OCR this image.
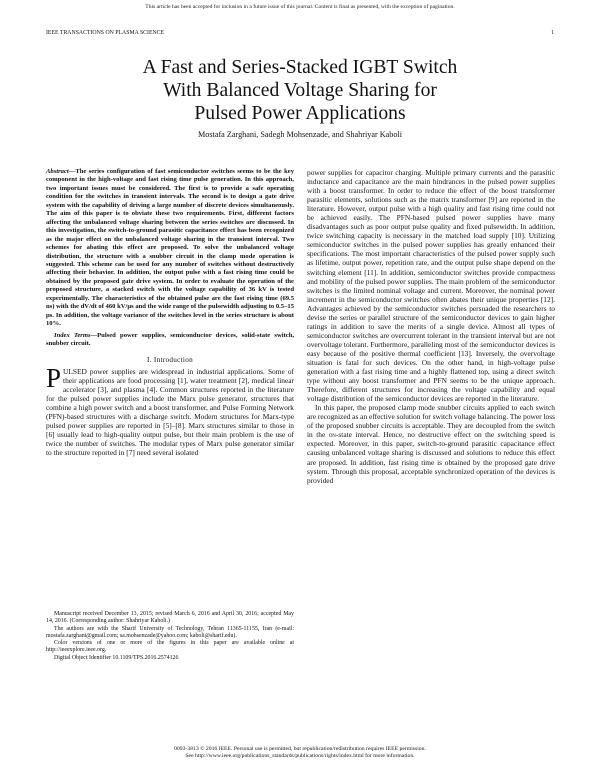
This article has been accepted for inclusion in a future issue of this journal. Content is final as presented, with the exception of pagination.
IEEE TRANSACTIONS ON PLASMA SCIENCE	1
A Fast and Series-Stacked IGBT Switch
With Balanced Voltage Sharing for
Pulsed Power Applications
Mostafa Zarghani, Sadegh Mohsenzade, and Shahriyar Kaboli
Abstract—The series configuration of fast semiconductor switches seems to be the key component in the high-voltage and fast rising time pulse generation. In this approach, two important issues must be considered. The first is to provide a safe operating condition for the switches in transient intervals. The second is to design a gate drive system with the capability of driving a large number of discrete devices simultaneously. The aim of this paper is to obviate these two requirements. First, different factors affecting the unbalanced voltage sharing between the series switches are discussed. In this investigation, the switch-to-ground parasitic capacitance effect has been recognized as the major effect on the unbalanced voltage sharing in the transient interval. Two schemes for abating this effect are proposed. To solve the unbalanced voltage distribution, the structure with a snubber circuit in the clamp mode operation is suggested. This scheme can be used for any number of switches without destructively affecting their behavior. In addition, the output pulse with a fast rising time could be obtained by the proposed gate drive system. In order to evaluate the operation of the proposed structure, a stacked switch with the voltage capability of 36 kV is tested experimentally. The characteristics of the obtained pulse are the fast rising time (69.5 ns) with the dV/dt of 460 kV/μs and the wide range of the pulsewidth adjusting to 0.5–15 μs. In addition, the voltage variance of the switches level in the series structure is about 10%.
Index Terms—Pulsed power supplies, semiconductor devices, solid-state switch, snubber circuit.
I. Introduction

PULSED power supplies are widespread in industrial applications. Some of their applications are food processing [1], water treatment [2], medical linear accelerator [3], and plasma [4]. Common structures reported in the literature for the pulsed power supplies include the Marx pulse generator, structures that combine a high power switch and a boost transformer, and Pulse Forming Network (PFN)-based structures with a discharge switch. Modern structures for Marx-type pulsed power supplies are reported in [5]–[8]. Marx structures similar to those in [6] usually lead to high-quality output pulse, but their main problem is the use of twice the number of switches. The modular types of Marx pulse generator similar to the structure reported in [7] need several isolated

Manuscript received December 13, 2015; revised March 6, 2016 and April 30, 2016; accepted May 14, 2016. (Corresponding author: Shahriyar Kaboli.)

The authors are with the Sharif University of Technology, Tehran 11365-11155, Iran (e-mail: mostafa.zarghani@gmail.com; sa.mohsenzade@yahoo.com; kaboli@sharif.edu).

Color versions of one or more of the figures in this paper are available online at http://ieeexplore.ieee.org.

Digital Object Identifier 10.1109/TPS.2016.2574126

power supplies for capacitor charging. Multiple primary currents and the parasitic inductance and capacitance are the main hindrances in the pulsed power supplies with a boost transformer. In order to reduce the effect of the boost transformer parasitic elements, solutions such as the matrix transformer [9] are reported in the literature. However, output pulse with a high quality and fast rising time could not be achieved easily. The PFN-based pulsed power supplies have many disadvantages such as poor output pulse quality and fixed pulsewidth. In addition, twice switching capacity is necessary in the matched load supply [10]. Utilizing semiconductor switches in the pulsed power supplies has greatly enhanced their specifications. The most important characteristics of the pulsed power supply such as lifetime, output power, repetition rate, and the output pulse shape depend on the switching element [11]. In addition, semiconductor switches provide compactness and mobility of the pulsed power supplies. The main problem of the semiconductor switches is the limited nominal voltage and current. Moreover, the nominal power increment in the semiconductor switches often abates their unique properties [12]. Advantages achieved by the semiconductor switches persuaded the researchers to devise the series or parallel structure of the semiconductor devices to gain higher ratings in addition to save the merits of a single device. Almost all types of semiconductor switches are overcurrent tolerant in the transient interval but are not overvoltage tolerant. Furthermore, paralleling most of the semiconductor devices is easy because of the positive thermal coefficient [13]. Inversely, the overvoltage situation is fatal for such devices. On the other hand, in high-voltage pulse generation with a fast rising time and a highly flattened top, using a direct switch type without any boost transformer and PFN seems to be the unique approach. Therefore, different structures for increasing the voltage capability and equal voltage distribution of the semiconductor devices are reported in the literature.

In this paper, the proposed clamp mode snubber circuits applied to each switch are recognized as an effective solution for switch voltage balancing. The power loss of the proposed snubber circuits is acceptable. They are decoupled from the switch in the on-state interval. Hence, no destructive effect on the switching speed is expected. Moreover, in this paper, switch-to-ground parasitic capacitance effect causing unbalanced voltage sharing is discussed and solutions to reduce this effect are proposed. In addition, fast rising time is obtained by the proposed gate drive system. Through this proposal, acceptable synchronized operation of the devices is provided

0093-3813 © 2016 IEEE. Personal use is permitted, but republication/redistribution requires IEEE permission.
See http://www.ieee.org/publications_standards/publications/rights/index.html for more information.
